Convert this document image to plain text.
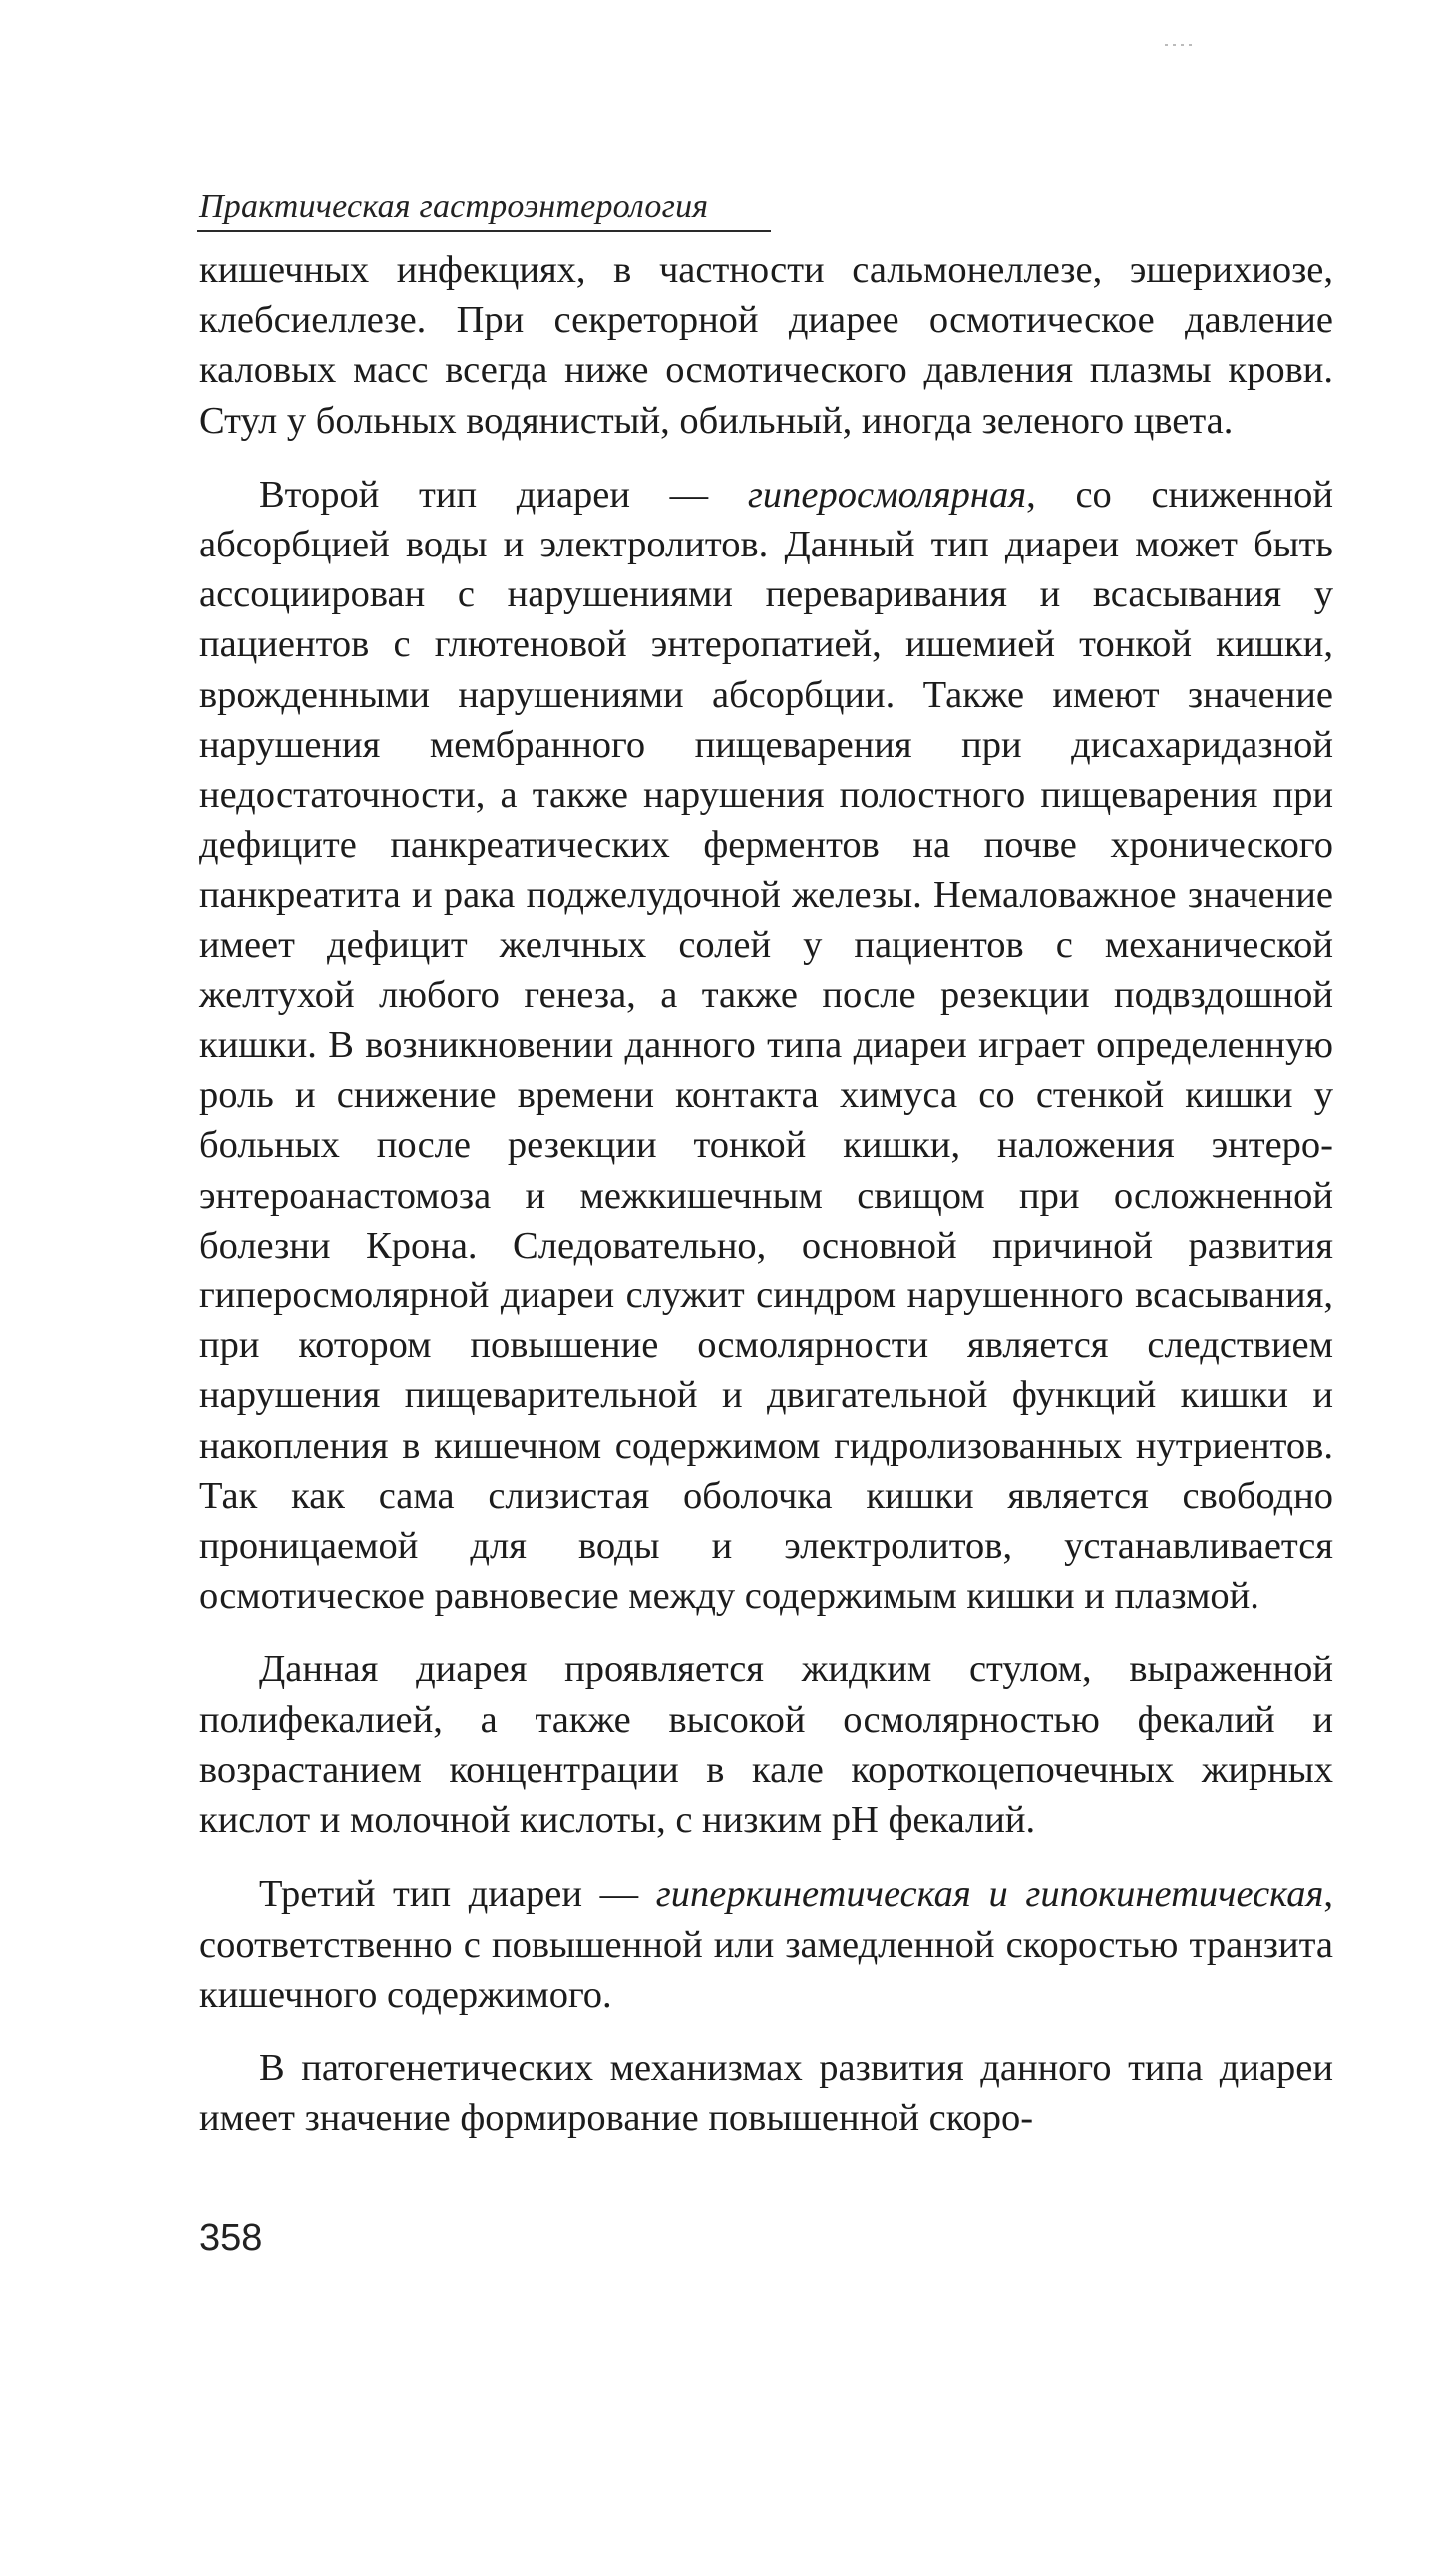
Практическая гастроэнтерология

кишечных инфекциях, в частности сальмонеллезе, эшерихиозе, клебсиеллезе. При секреторной диарее осмотическое давление каловых масс всегда ниже осмотического давления плазмы крови. Стул у больных водянистый, обильный, иногда зеленого цвета.

Второй тип диареи — гиперосмолярная, со сниженной абсорбцией воды и электролитов. Данный тип диареи может быть ассоциирован с нарушениями переваривания и всасывания у пациентов с глютеновой энтеропатией, ишемией тонкой кишки, врожденными нарушениями абсорбции. Также имеют значение нарушения мембранного пищеварения при дисахаридазной недостаточности, а также нарушения полостного пищеварения при дефиците панкреатических ферментов на почве хронического панкреатита и рака поджелудочной железы. Немаловажное значение имеет дефицит желчных солей у пациентов с механической желтухой любого генеза, а также после резекции подвздошной кишки. В возникновении данного типа диареи играет определенную роль и снижение времени контакта химуса со стенкой кишки у больных после резекции тонкой кишки, наложения энтеро-энтероанастомоза и межкишечным свищом при осложненной болезни Крона. Следовательно, основной причиной развития гиперосмолярной диареи служит синдром нарушенного всасывания, при котором повышение осмолярности является следствием нарушения пищеварительной и двигательной функций кишки и накопления в кишечном содержимом гидролизованных нутриентов. Так как сама слизистая оболочка кишки является свободно проницаемой для воды и электролитов, устанавливается осмотическое равновесие между содержимым кишки и плазмой.

Данная диарея проявляется жидким стулом, выраженной полифекалией, а также высокой осмолярностью фекалий и возрастанием концентрации в кале короткоцепочечных жирных кислот и молочной кислоты, с низким pH фекалий.

Третий тип диареи — гиперкинетическая и гипокинетическая, соответственно с повышенной или замедленной скоростью транзита кишечного содержимого.

В патогенетических механизмах развития данного типа диареи имеет значение формирование повышенной скоро-

358
